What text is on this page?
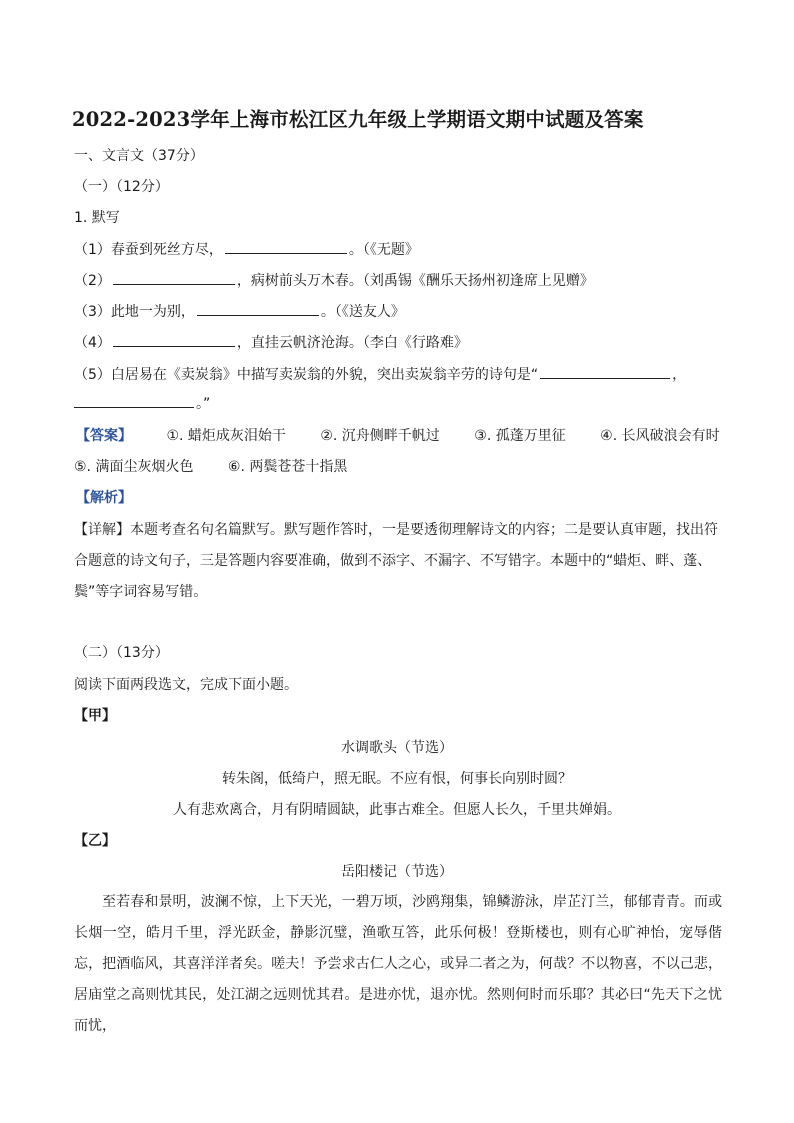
2022-2023学年上海市松江区九年级上学期语文期中试题及答案
一、文言文（37分）
（一）（12分）
1. 默写
（1）春蚕到死丝方尽，	。（《无题》
（2）	，病树前头万木春。（刘禹锡《酬乐天扬州初逢席上见赠》
（3）此地一为别，	。（《送友人》
（4）	，直挂云帆济沧海。（李白《行路难》
（5）白居易在《卖炭翁》中描写卖炭翁的外貌，突出卖炭翁辛劳的诗句是“	，
。”
【答案】 ①. 蜡炬成灰泪始干 ②. 沉舟侧畔千帆过 ③. 孤蓬万里征 ④. 长风破浪会有时
⑤. 满面尘灰烟火色 ⑥. 两鬓苍苍十指黑
【解析】
【详解】本题考查名句名篇默写。默写题作答时，一是要透彻理解诗文的内容；二是要认真审题，找出符
合题意的诗文句子，三是答题内容要准确，做到不添字、不漏字、不写错字。本题中的“蜡炬、畔、蓬、
鬓”等字词容易写错。
（二）（13分）
阅读下面两段选文，完成下面小题。
【甲】
水调歌头（节选）
转朱阁，低绮户，照无眠。不应有恨，何事长向别时圆？
人有悲欢离合，月有阴晴圆缺，此事古难全。但愿人长久，千里共婵娟。
【乙】
岳阳楼记（节选）
至若春和景明，波澜不惊，上下天光，一碧万顷，沙鸥翔集，锦鳞游泳，岸芷汀兰，郁郁青青。而或长烟一空，皓月千里，浮光跃金，静影沉璧，渔歌互答，此乐何极！登斯楼也，则有心旷神怡，宠辱偕忘，把酒临风，其喜洋洋者矣。嗟夫！予尝求古仁人之心，或异二者之为，何哉？不以物喜，不以己悲，居庙堂之高则忧其民，处江湖之远则忧其君。是进亦忧，退亦忧。然则何时而乐耶？其必曰“先天下之忧而忧，
